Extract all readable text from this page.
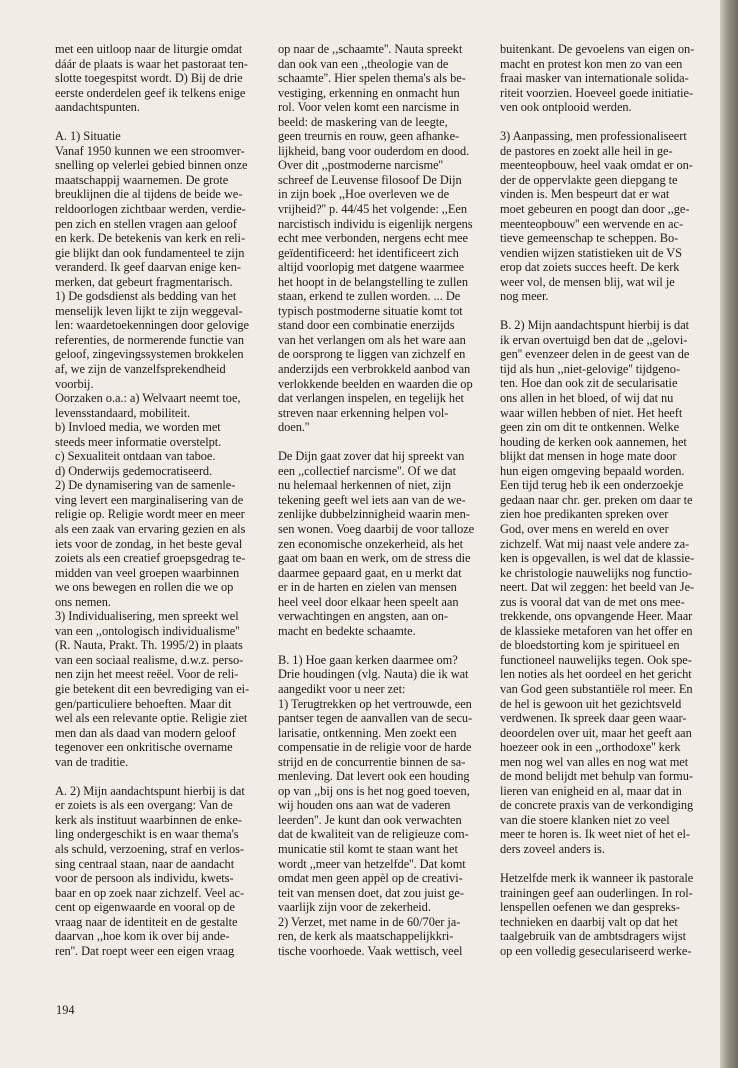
met een uitloop naar de liturgie omdat
dáár de plaats is waar het pastoraat ten-
slotte toegespitst wordt. D) Bij de drie
eerste onderdelen geef ik telkens enige
aandachtspunten.

A. 1) Situatie
Vanaf 1950 kunnen we een stroomver-
snelling op velerlei gebied binnen onze
maatschappij waarnemen. De grote
breuklijnen die al tijdens de beide we-
reldoorlogen zichtbaar werden, verdie-
pen zich en stellen vragen aan geloof
en kerk. De betekenis van kerk en reli-
gie blijkt dan ook fundamenteel te zijn
veranderd. Ik geef daarvan enige ken-
merken, dat gebeurt fragmentarisch.
1) De godsdienst als bedding van het
menselijk leven lijkt te zijn weggeval-
len: waardetoekenningen door gelovige
referenties, de normerende functie van
geloof, zingevingssystemen brokkelen
af, we zijn de vanzelfsprekendheid
voorbij.
Oorzaken o.a.: a) Welvaart neemt toe,
levensstandaard, mobiliteit.
b) Invloed media, we worden met
steeds meer informatie overstelpt.
c) Sexualiteit ontdaan van taboe.
d) Onderwijs gedemocratiseerd.
2) De dynamisering van de samenle-
ving levert een marginalisering van de
religie op. Religie wordt meer en meer
als een zaak van ervaring gezien en als
iets voor de zondag, in het beste geval
zoiets als een creatief groepsgedrag te-
midden van veel groepen waarbinnen
we ons bewegen en rollen die we op
ons nemen.
3) Individualisering, men spreekt wel
van een ,,ontologisch individualisme''
(R. Nauta, Prakt. Th. 1995/2) in plaats
van een sociaal realisme, d.w.z. perso-
nen zijn het meest reëel. Voor de reli-
gie betekent dit een bevrediging van ei-
gen/particuliere behoeften. Maar dit
wel als een relevante optie. Religie ziet
men dan als daad van modern geloof
tegenover een onkritische overname
van de traditie.

A. 2) Mijn aandachtspunt hierbij is dat
er zoiets is als een overgang: Van de
kerk als instituut waarbinnen de enke-
ling ondergeschikt is en waar thema's
als schuld, verzoening, straf en verlos-
sing centraal staan, naar de aandacht
voor de persoon als individu, kwets-
baar en op zoek naar zichzelf. Veel ac-
cent op eigenwaarde en vooral op de
vraag naar de identiteit en de gestalte
daarvan ,,hoe kom ik over bij ande-
ren''. Dat roept weer een eigen vraag

op naar de ,,schaamte''. Nauta spreekt
dan ook van een ,,theologie van de
schaamte''. Hier spelen thema's als be-
vestiging, erkenning en onmacht hun
rol. Voor velen komt een narcisme in
beeld: de maskering van de leegte,
geen treurnis en rouw, geen afhanke-
lijkheid, bang voor ouderdom en dood.
Over dit ,,postmoderne narcisme''
schreef de Leuvense filosoof De Dijn
in zijn boek ,,Hoe overleven we de
vrijheid?'' p. 44/45 het volgende: ,,Een
narcistisch individu is eigenlijk nergens
echt mee verbonden, nergens echt mee
geïdentificeerd: het identificeert zich
altijd voorlopig met datgene waarmee
het hoopt in de belangstelling te zullen
staan, erkend te zullen worden. ... De
typisch postmoderne situatie komt tot
stand door een combinatie enerzijds
van het verlangen om als het ware aan
de oorsprong te liggen van zichzelf en
anderzijds een verbrokkeld aanbod van
verlokkende beelden en waarden die op
dat verlangen inspelen, en tegelijk het
streven naar erkenning helpen vol-
doen.''

De Dijn gaat zover dat hij spreekt van
een ,,collectief narcisme''. Of we dat
nu helemaal herkennen of niet, zijn
tekening geeft wel iets aan van de we-
zenlijke dubbelzinnigheid waarin men-
sen wonen. Voeg daarbij de voor talloze
zen economische onzekerheid, als het
gaat om baan en werk, om de stress die
daarmee gepaard gaat, en u merkt dat
er in de harten en zielen van mensen
heel veel door elkaar heen speelt aan
verwachtingen en angsten, aan on-
macht en bedekte schaamte.

B. 1) Hoe gaan kerken daarmee om?
Drie houdingen (vlg. Nauta) die ik wat
aangedikt voor u neer zet:
1) Terugtrekken op het vertrouwde, een
pantser tegen de aanvallen van de secu-
larisatie, ontkenning. Men zoekt een
compensatie in de religie voor de harde
strijd en de concurrentie binnen de sa-
menleving. Dat levert ook een houding
op van ,,bij ons is het nog goed toeven,
wij houden ons aan wat de vaderen
leerden''. Je kunt dan ook verwachten
dat de kwaliteit van de religieuze com-
municatie stil komt te staan want het
wordt ,,meer van hetzelfde''. Dat komt
omdat men geen appèl op de creativi-
teit van mensen doet, dat zou juist ge-
vaarlijk zijn voor de zekerheid.
2) Verzet, met name in de 60/70er ja-
ren, de kerk als maatschappelijkkri-
tische voorhoede. Vaak wettisch, veel

buitenkant. De gevoelens van eigen on-
macht en protest kon men zo van een
fraai masker van internationale solida-
riteit voorzien. Hoeveel goede initiatie-
ven ook ontplooid werden.

3) Aanpassing, men professionaliseert
de pastores en zoekt alle heil in ge-
meenteopbouw, heel vaak omdat er on-
der de oppervlakte geen diepgang te
vinden is. Men bespeurt dat er wat
moet gebeuren en poogt dan door ,,ge-
meenteopbouw'' een wervende en ac-
tieve gemeenschap te scheppen. Bo-
vendien wijzen statistieken uit de VS
erop dat zoiets succes heeft. De kerk
weer vol, de mensen blij, wat wil je
nog meer.

B. 2) Mijn aandachtspunt hierbij is dat
ik ervan overtuigd ben dat de ,,gelovi-
gen'' evenzeer delen in de geest van de
tijd als hun ,,niet-gelovige'' tijdgeno-
ten. Hoe dan ook zit de secularisatie
ons allen in het bloed, of wij dat nu
waar willen hebben of niet. Het heeft
geen zin om dit te ontkennen. Welke
houding de kerken ook aannemen, het
blijkt dat mensen in hoge mate door
hun eigen omgeving bepaald worden.
Een tijd terug heb ik een onderzoekje
gedaan naar chr. ger. preken om daar te
zien hoe predikanten spreken over
God, over mens en wereld en over
zichzelf. Wat mij naast vele andere za-
ken is opgevallen, is wel dat de klassie-
ke christologie nauwelijks nog functio-
neert. Dat wil zeggen: het beeld van Je-
zus is vooral dat van de met ons mee-
trekkende, ons opvangende Heer. Maar
de klassieke metaforen van het offer en
de bloedstorting kom je spiritueel en
functioneel nauwelijks tegen. Ook spe-
len noties als het oordeel en het gericht
van God geen substantiële rol meer. En
de hel is gewoon uit het gezichtsveld
verdwenen. Ik spreek daar geen waar-
deoordelen over uit, maar het geeft aan
hoezeer ook in een ,,orthodoxe'' kerk
men nog wel van alles en nog wat met
de mond belijdt met behulp van formu-
lieren van enigheid en al, maar dat in
de concrete praxis van de verkondiging
van die stoere klanken niet zo veel
meer te horen is. Ik weet niet of het el-
ders zoveel anders is.

Hetzelfde merk ik wanneer ik pastorale
trainingen geef aan ouderlingen. In rol-
lenspellen oefenen we dan gespreks-
technieken en daarbij valt op dat het
taalgebruik van de ambtsdragers wijst
op een volledig geseculariseerd werke-

194
